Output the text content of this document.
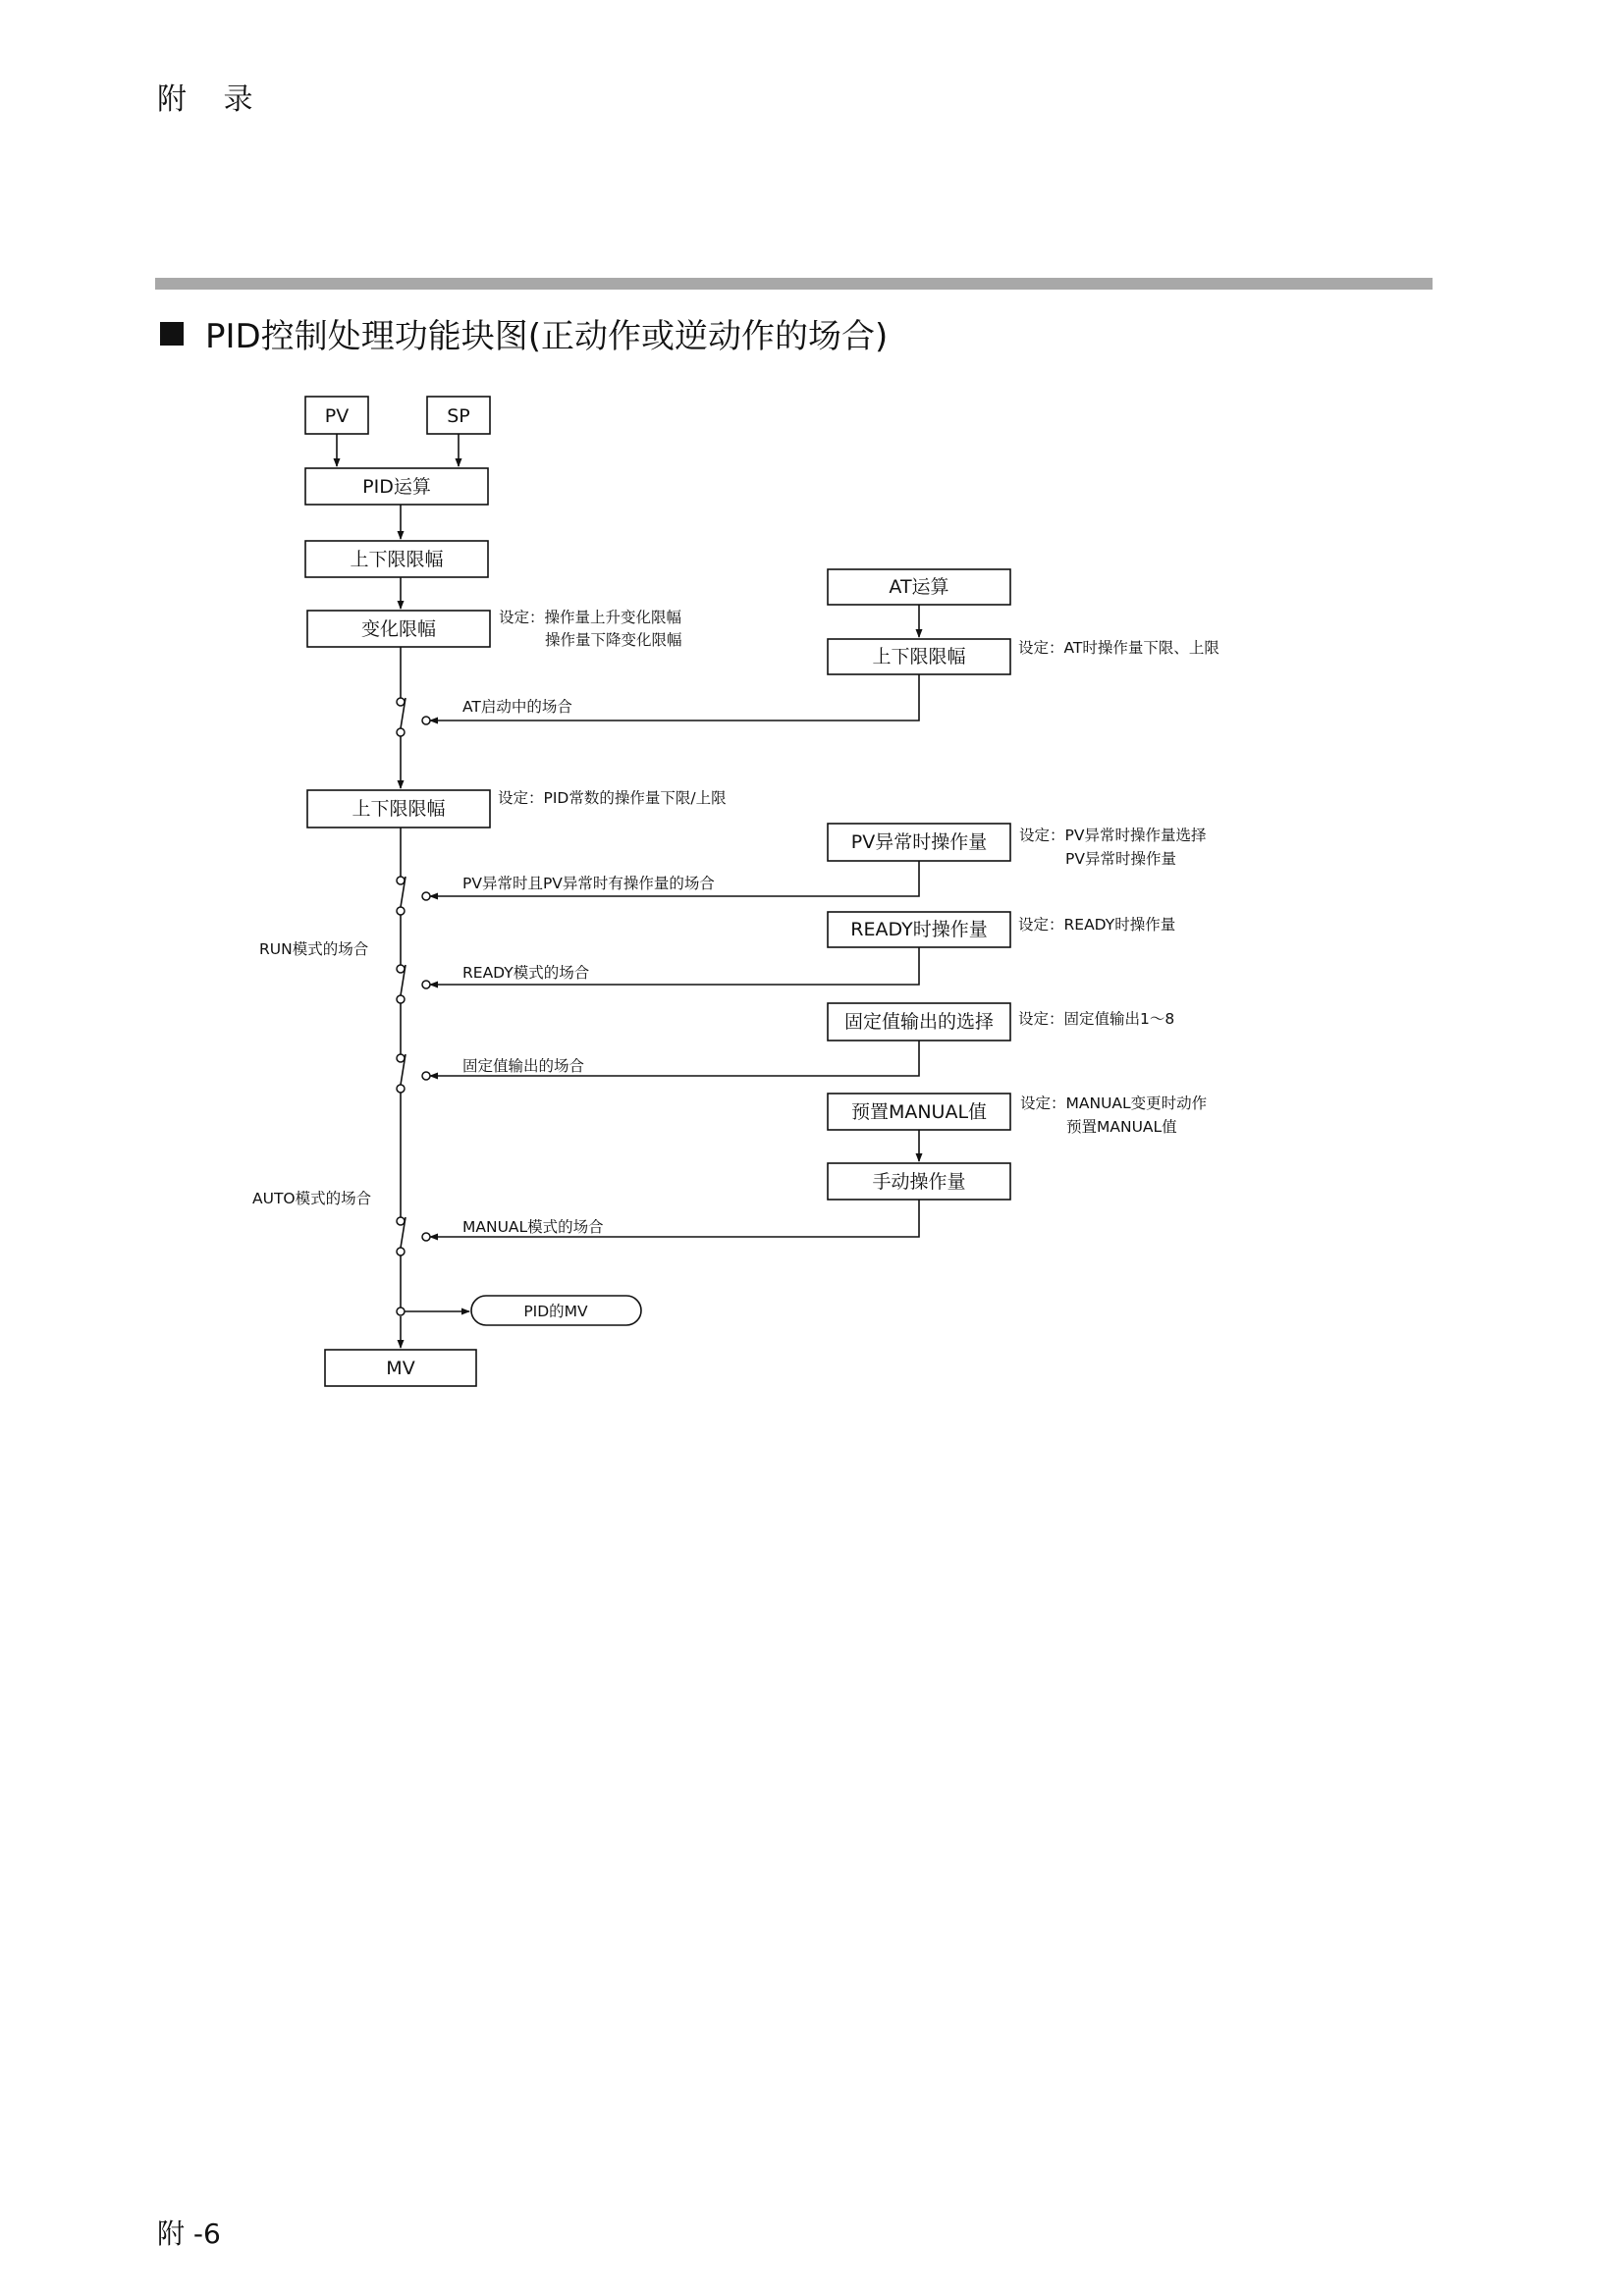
附 录
PID控制处理功能块图(正动作或逆动作的场合)
PV	SP
PID运算
上下限限幅
变化限幅
上下限限幅
PID的MV
MV
AT运算
上下限限幅
PV异常时操作量
READY时操作量
固定值输出的选择
预置MANUAL值
手动操作量
AT启动中的场合
PV异常时且PV异常时有操作量的场合
RUN模式的场合
READY模式的场合
固定值输出的场合
AUTO模式的场合
MANUAL模式的场合
设定：操作量上升变化限幅
操作量下降变化限幅	设定：AT时操作量下限、上限
设定：PID常数的操作量下限/上限
设定：PV异常时操作量选择
PV异常时操作量
设定：READY时操作量
设定：固定值输出1～8
设定：MANUAL变更时动作
预置MANUAL值
附 -6
